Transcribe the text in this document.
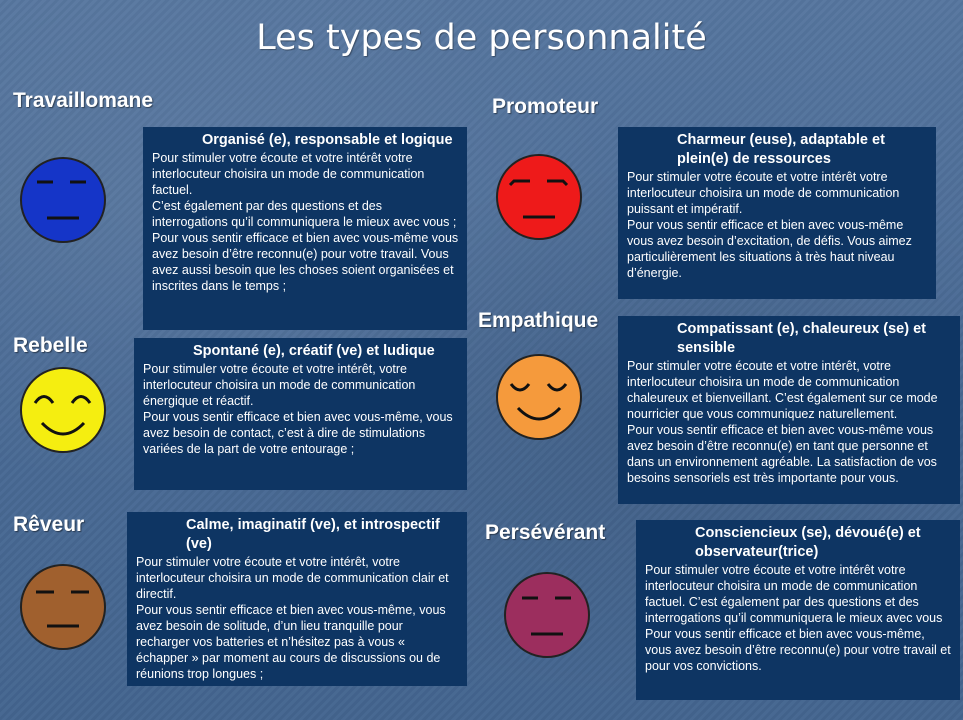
Les types de personnalité
Travaillomane
Organisé (e), responsable et logique

Pour stimuler votre écoute et votre intérêt votre interlocuteur choisira un mode de communication factuel.

C’est également par des questions et des interrogations qu’il communiquera le mieux avec vous ;

Pour vous sentir efficace et bien avec vous-même vous avez besoin d’être reconnu(e) pour votre travail. Vous avez aussi besoin que les choses soient organisées et inscrites dans le temps ;

Promoteur
Charmeur (euse), adaptable et plein(e) de ressources

Pour stimuler votre écoute et votre intérêt votre interlocuteur choisira un mode de communication puissant et impératif.

Pour vous sentir efficace et bien avec vous-même vous avez besoin d’excitation, de défis. Vous aimez particulièrement les situations à très haut niveau d’énergie.

Rebelle	Spontané (e), créatif (ve) et ludique

Pour stimuler votre écoute et votre intérêt, votre interlocuteur choisira un mode de communication énergique et réactif.

Pour vous sentir efficace et bien avec vous-même, vous avez besoin de contact, c’est à dire de stimulations variées de la part de votre entourage ;

Empathique	Compatissant (e), chaleureux (se) et sensible

Pour stimuler votre écoute et votre intérêt, votre interlocuteur choisira un mode de communication chaleureux et bienveillant. C’est également sur ce mode nourricier que vous communiquez naturellement.

Pour vous sentir efficace et bien avec vous-même vous avez besoin d’être reconnu(e) en tant que personne et dans un environnement agréable. La satisfaction de vos besoins sensoriels est très importante pour vous.

Rêveur	Calme, imaginatif (ve), et introspectif (ve)

Pour stimuler votre écoute et votre intérêt, votre interlocuteur choisira un mode de communication clair et directif.

Pour vous sentir efficace et bien avec vous-même, vous avez besoin de solitude, d’un lieu tranquille pour recharger vos batteries et n’hésitez pas à vous « échapper » par moment au cours de discussions ou de réunions trop longues ;

Persévérant	Consciencieux (se), dévoué(e) et observateur(trice)

Pour stimuler votre écoute et votre intérêt votre interlocuteur choisira un mode de communication factuel. C’est également par des questions et des interrogations qu’il communiquera le mieux avec vous

Pour vous sentir efficace et bien avec vous-même, vous avez besoin d’être reconnu(e) pour votre travail et pour vos convictions.
